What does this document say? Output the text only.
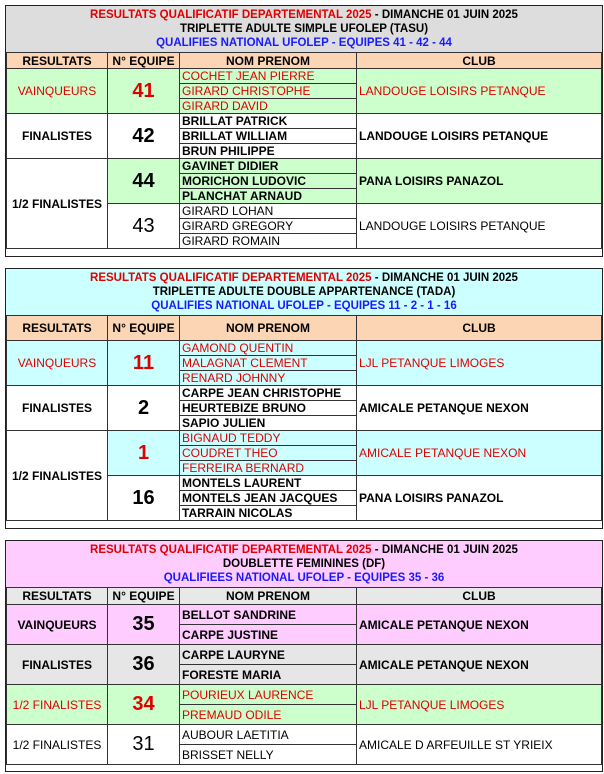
RESULTATS QUALIFICATIF DEPARTEMENTAL 2025 - DIMANCHE 01 JUIN 2025
TRIPLETTE ADULTE SIMPLE UFOLEP (TASU)
QUALIFIES NATIONAL UFOLEP - EQUIPES 41 - 42 - 44
RESULTATS	N° EQUIPE	NOM PRENOM	CLUB
VAINQUEURS	41	COCHET JEAN PIERRE	LANDOUGE LOISIRS PETANQUE
		GIRARD CHRISTOPHE	
		GIRARD DAVID	
FINALISTES	42	BRILLAT PATRICK	LANDOUGE LOISIRS PETANQUE
		BRILLAT WILLIAM	
		BRUN PHILIPPE	
1/2 FINALISTES	44	GAVINET DIDIER	PANA LOISIRS PANAZOL
		MORICHON LUDOVIC	
		PLANCHAT ARNAUD	
	43	GIRARD LOHAN	LANDOUGE LOISIRS PETANQUE
		GIRARD GREGORY	
		GIRARD ROMAIN	
RESULTATS QUALIFICATIF DEPARTEMENTAL 2025 - DIMANCHE 01 JUIN 2025
TRIPLETTE ADULTE DOUBLE APPARTENANCE (TADA)
QUALIFIES NATIONAL UFOLEP - EQUIPES 11 - 2 - 1 - 16
RESULTATS	N° EQUIPE	NOM PRENOM	CLUB
VAINQUEURS	11	GAMOND QUENTIN	LJL PETANQUE LIMOGES
		MALAGNAT CLEMENT	
		RENARD JOHNNY	
FINALISTES	2	CARPE JEAN CHRISTOPHE	AMICALE PETANQUE NEXON
		HEURTEBIZE BRUNO	
		SAPIO JULIEN	
1/2 FINALISTES	1	BIGNAUD TEDDY	AMICALE PETANQUE NEXON
		COUDRET THEO	
		FERREIRA BERNARD	
	16	MONTELS LAURENT	PANA LOISIRS PANAZOL
		MONTELS JEAN JACQUES	
		TARRAIN NICOLAS	
RESULTATS QUALIFICATIF DEPARTEMENTAL 2025 - DIMANCHE 01 JUIN 2025
DOUBLETTE FEMININES (DF)
QUALIFIEES NATIONAL UFOLEP - EQUIPES 35 - 36
RESULTATS	N° EQUIPE	NOM PRENOM	CLUB
VAINQUEURS	35	BELLOT SANDRINE	AMICALE PETANQUE NEXON
		CARPE JUSTINE	
FINALISTES	36	CARPE LAURYNE	AMICALE PETANQUE NEXON
		FORESTE MARIA	
1/2 FINALISTES	34	POURIEUX LAURENCE	LJL PETANQUE LIMOGES
		PREMAUD ODILE	
1/2 FINALISTES	31	AUBOUR LAETITIA	AMICALE D ARFEUILLE ST YRIEIX
		BRISSET NELLY	
